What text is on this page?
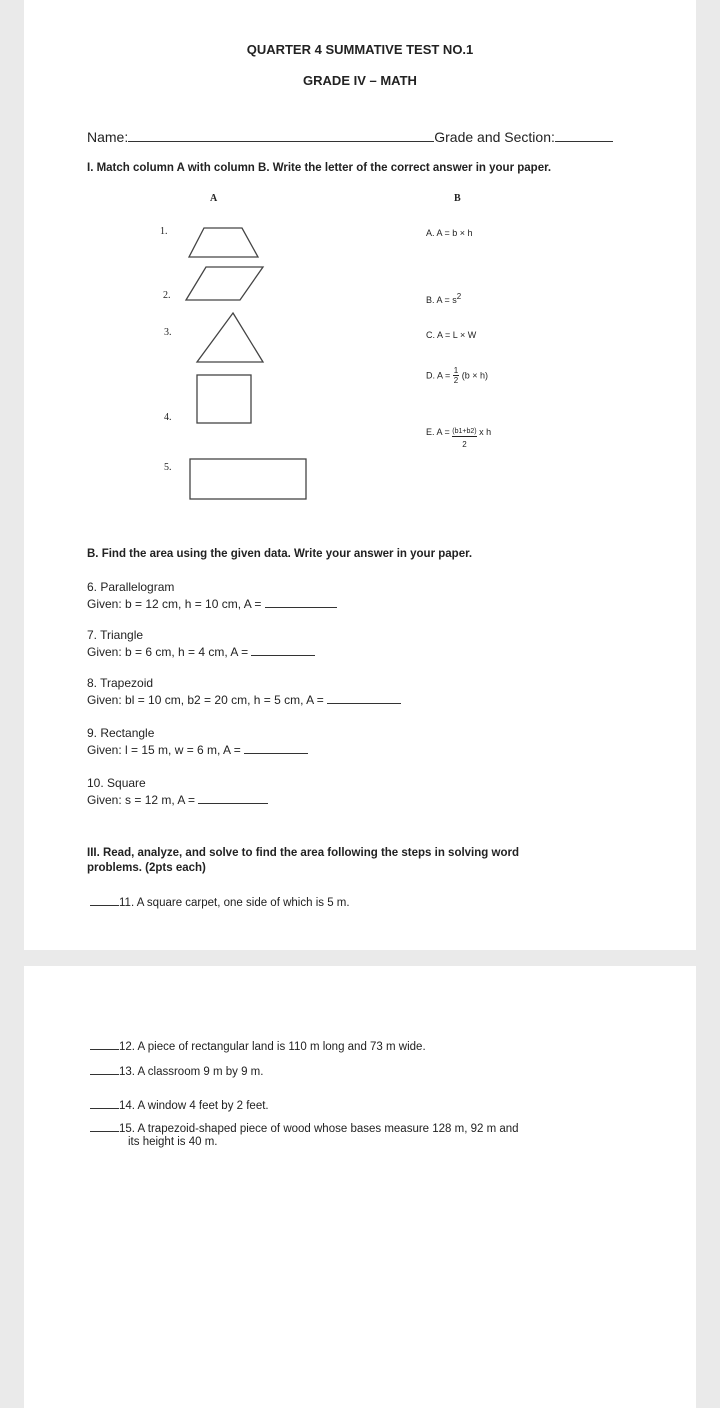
QUARTER 4 SUMMATIVE TEST NO.1
GRADE IV – MATH
Name:	Grade and Section:
I. Match column A with column B. Write the letter of the correct answer in your paper.
A	B
1.
2.
3.
4.
5.
A. A = b × h
B. $A = s^2$
C. A = L × W
D. $A = \frac{1}{2} (b \times h)$
E. $A = \frac{(b1+b2)}{2}$ x h
B. Find the area using the given data. Write your answer in your paper.
6. Parallelogram
Given: b = 12 cm, h = 10 cm, A =
7. Triangle
Given: b = 6 cm, h = 4 cm, A =
8. Trapezoid
Given: bl = 10 cm, b2 = 20 cm, h = 5 cm, A =
9. Rectangle
Given: l = 15 m, w = 6 m, A =
10. Square
Given: s = 12 m, A =
III. Read, analyze, and solve to find the area following the steps in solving word
problems. (2pts each)
11. A square carpet, one side of which is 5 m.
12. A piece of rectangular land is 110 m long and 73 m wide.
13. A classroom 9 m by 9 m.
14. A window 4 feet by 2 feet.
15. A trapezoid-shaped piece of wood whose bases measure 128 m, 92 m and
its height is 40 m.
